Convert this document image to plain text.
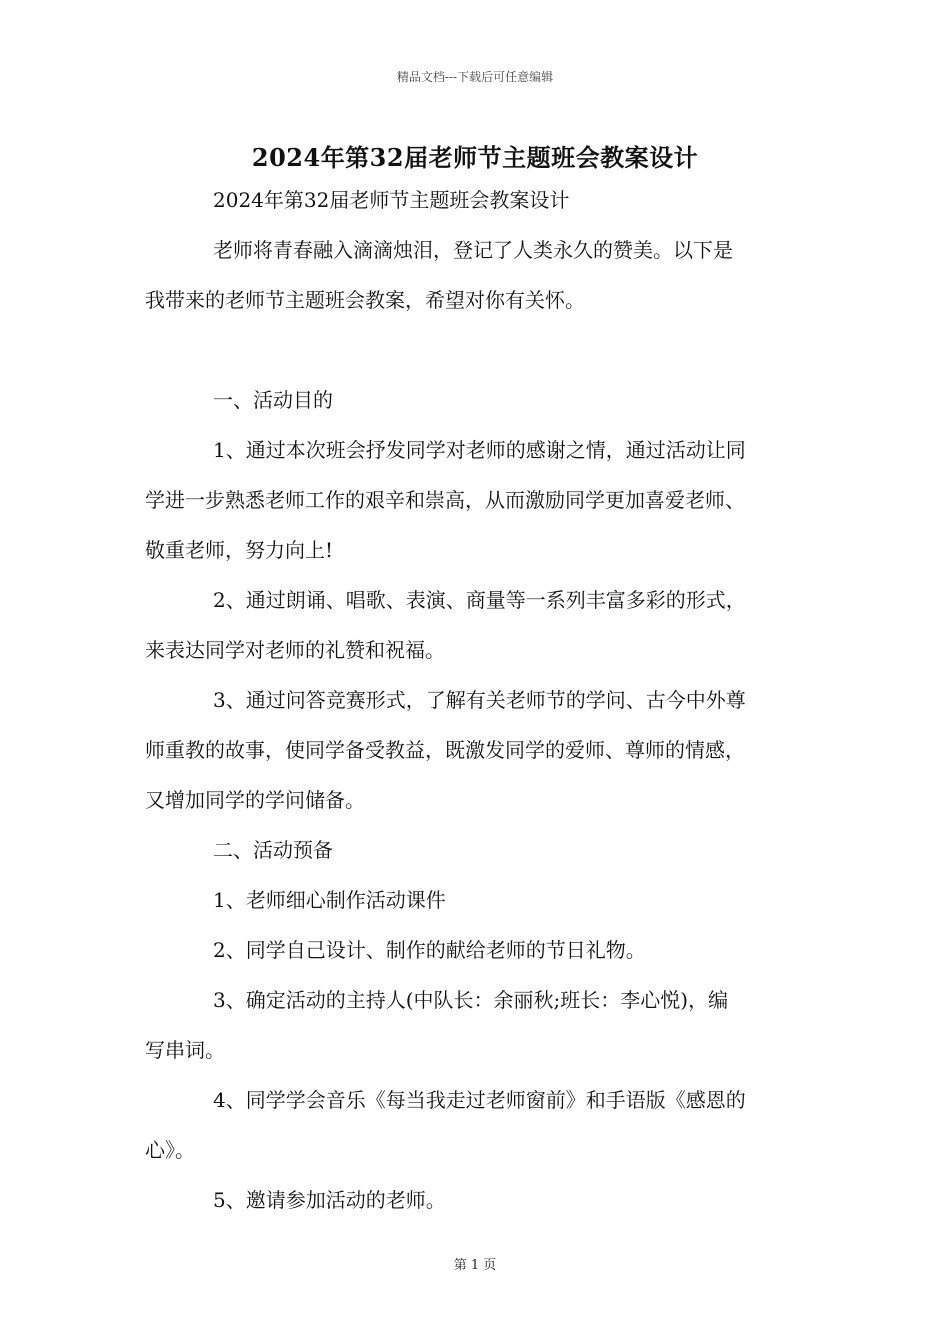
精品文档---下载后可任意编辑
2024年第32届老师节主题班会教案设计
2024年第32届老师节主题班会教案设计
老师将青春融入滴滴烛泪，登记了人类永久的赞美。以下是
我带来的老师节主题班会教案，希望对你有关怀。
一、活动目的
1、通过本次班会抒发同学对老师的感谢之情，通过活动让同
学进一步熟悉老师工作的艰辛和崇高，从而激励同学更加喜爱老师、
敬重老师，努力向上!
2、通过朗诵、唱歌、表演、商量等一系列丰富多彩的形式，
来表达同学对老师的礼赞和祝福。
3、通过问答竞赛形式，了解有关老师节的学问、古今中外尊
师重教的故事，使同学备受教益，既激发同学的爱师、尊师的情感，
又增加同学的学问储备。
二、活动预备
1、老师细心制作活动课件
2、同学自己设计、制作的献给老师的节日礼物。
3、确定活动的主持人(中队长：余丽秋;班长：李心悦)，编
写串词。
4、同学学会音乐《每当我走过老师窗前》和手语版《感恩的
心》。
5、邀请参加活动的老师。
第 1 页
